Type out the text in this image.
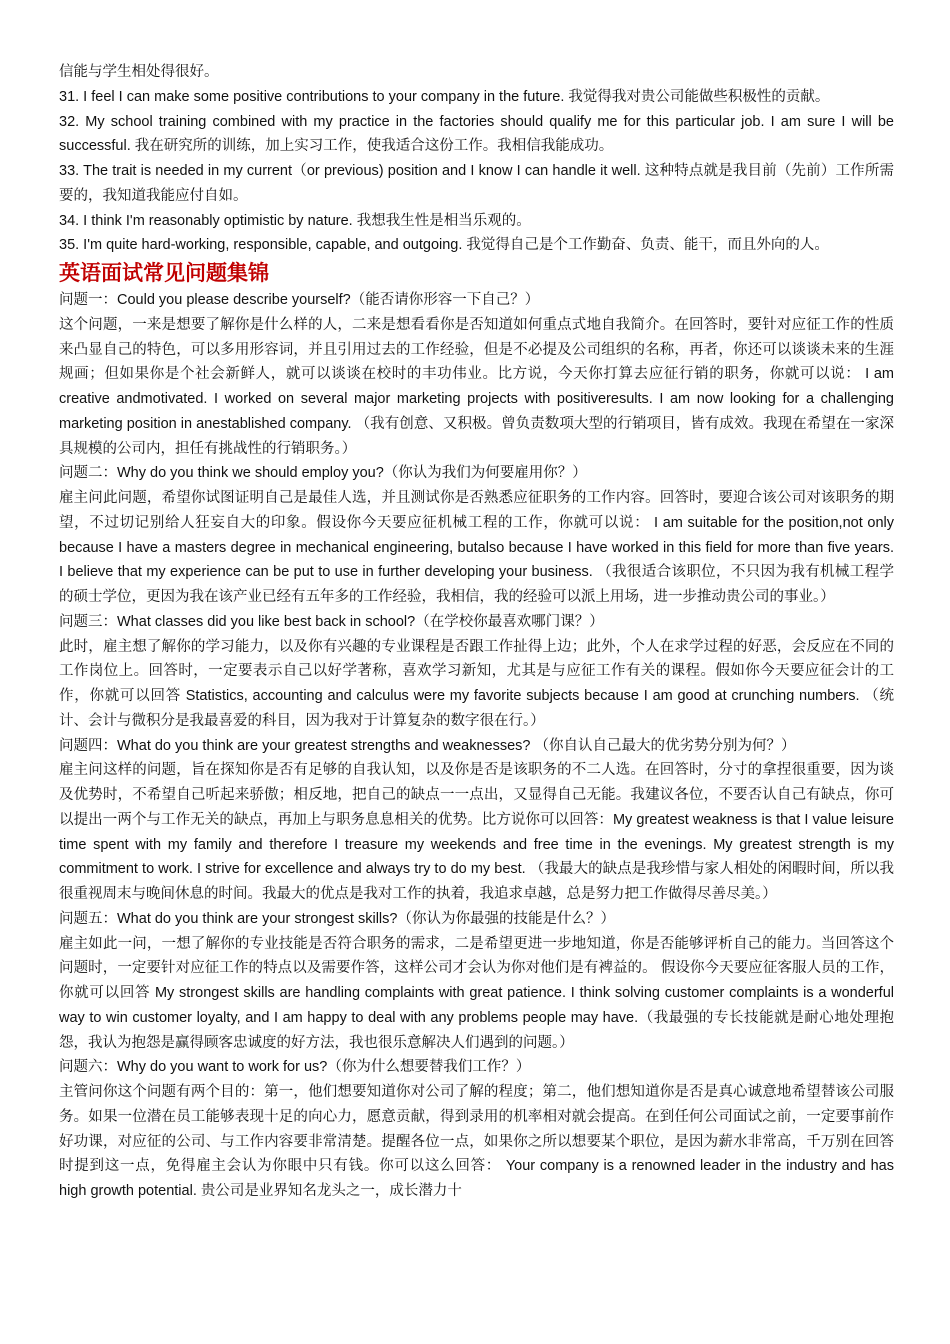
信能与学生相处得很好。

31. I feel I can make some positive contributions to your company in the future. 我觉得我对贵公司能做些积极性的贡献。

32. My school training combined with my practice in the factories should qualify me for this particular job. I am sure I will be successful. 我在研究所的训练，加上实习工作，使我适合这份工作。我相信我能成功。

33. The trait is needed in my current（or previous) position and I know I can handle it well. 这种特点就是我目前（先前）工作所需要的，我知道我能应付自如。

34. I think I'm reasonably optimistic by nature. 我想我生性是相当乐观的。

35. I'm quite hard-working, responsible, capable, and outgoing. 我觉得自己是个工作勤奋、负责、能干，而且外向的人。

英语面试常见问题集锦

问题一：Could you please describe yourself?（能否请你形容一下自己？）

这个问题，一来是想要了解你是什么样的人，二来是想看看你是否知道如何重点式地自我简介。在回答时，要针对应征工作的性质来凸显自己的特色，可以多用形容词，并且引用过去的工作经验，但是不必提及公司组织的名称，再者，你还可以谈谈未来的生涯规画；但如果你是个社会新鲜人，就可以谈谈在校时的丰功伟业。比方说，今天你打算去应征行销的职务，你就可以说： I am creative andmotivated. I worked on several major marketing projects with positiveresults. I am now looking for a challenging marketing position in anestablished company. （我有创意、又积极。曾负责数项大型的行销项目，皆有成效。我现在希望在一家深具规模的公司内，担任有挑战性的行销职务。）

问题二：Why do you think we should employ you?（你认为我们为何要雇用你？）

雇主问此问题，希望你试图证明自己是最佳人选，并且测试你是否熟悉应征职务的工作内容。回答时，要迎合该公司对该职务的期望，不过切记别给人狂妄自大的印象。假设你今天要应征机械工程的工作，你就可以说： I am suitable for the position,not only because I have a masters degree in mechanical engineering, butalso because I have worked in this field for more than five years. I believe that my experience can be put to use in further developing your business. （我很适合该职位，不只因为我有机械工程学的硕士学位，更因为我在该产业已经有五年多的工作经验，我相信，我的经验可以派上用场，进一步推动贵公司的事业。）

问题三：What classes did you like best back in school?（在学校你最喜欢哪门课？）

此时，雇主想了解你的学习能力，以及你有兴趣的专业课程是否跟工作扯得上边；此外，个人在求学过程的好恶，会反应在不同的工作岗位上。回答时，一定要表示自己以好学著称，喜欢学习新知，尤其是与应征工作有关的课程。假如你今天要应征会计的工作，你就可以回答 Statistics, accounting and calculus were my favorite subjects because I am good at crunching numbers. （统计、会计与微积分是我最喜爱的科目，因为我对于计算复杂的数字很在行。）

问题四：What do you think are your greatest strengths and weaknesses? （你自认自己最大的优劣势分别为何？）

雇主问这样的问题，旨在探知你是否有足够的自我认知，以及你是否是该职务的不二人选。在回答时，分寸的拿捏很重要，因为谈及优势时，不希望自己听起来骄傲；相反地，把自己的缺点一一点出，又显得自己无能。我建议各位，不要否认自己有缺点，你可以提出一两个与工作无关的缺点，再加上与职务息息相关的优势。比方说你可以回答：My greatest weakness is that I value leisure time spent with my family and therefore I treasure my weekends and free time in the evenings. My greatest strength is my commitment to work. I strive for excellence and always try to do my best. （我最大的缺点是我珍惜与家人相处的闲暇时间，所以我很重视周末与晚间休息的时间。我最大的优点是我对工作的执着，我追求卓越，总是努力把工作做得尽善尽美。）

问题五：What do you think are your strongest skills?（你认为你最强的技能是什么？）

雇主如此一问，一想了解你的专业技能是否符合职务的需求，二是希望更进一步地知道，你是否能够评析自己的能力。当回答这个问题时，一定要针对应征工作的特点以及需要作答，这样公司才会认为你对他们是有裨益的。 假设你今天要应征客服人员的工作，你就可以回答 My strongest skills are handling complaints with great patience. I think solving customer complaints is a wonderful way to win customer loyalty, and I am happy to deal with any problems people may have.（我最强的专长技能就是耐心地处理抱怨，我认为抱怨是赢得顾客忠诚度的好方法，我也很乐意解决人们遇到的问题。）

问题六：Why do you want to work for us?（你为什么想要替我们工作？）

主管问你这个问题有两个目的：第一，他们想要知道你对公司了解的程度；第二，他们想知道你是否是真心诚意地希望替该公司服务。如果一位潜在员工能够表现十足的向心力，愿意贡献，得到录用的机率相对就会提高。在到任何公司面试之前，一定要事前作好功课，对应征的公司、与工作内容要非常清楚。提醒各位一点，如果你之所以想要某个职位，是因为薪水非常高，千万别在回答时提到这一点，免得雇主会认为你眼中只有钱。你可以这么回答： Your company is a renowned leader in the industry and has high growth potential. 贵公司是业界知名龙头之一，成长潜力十
